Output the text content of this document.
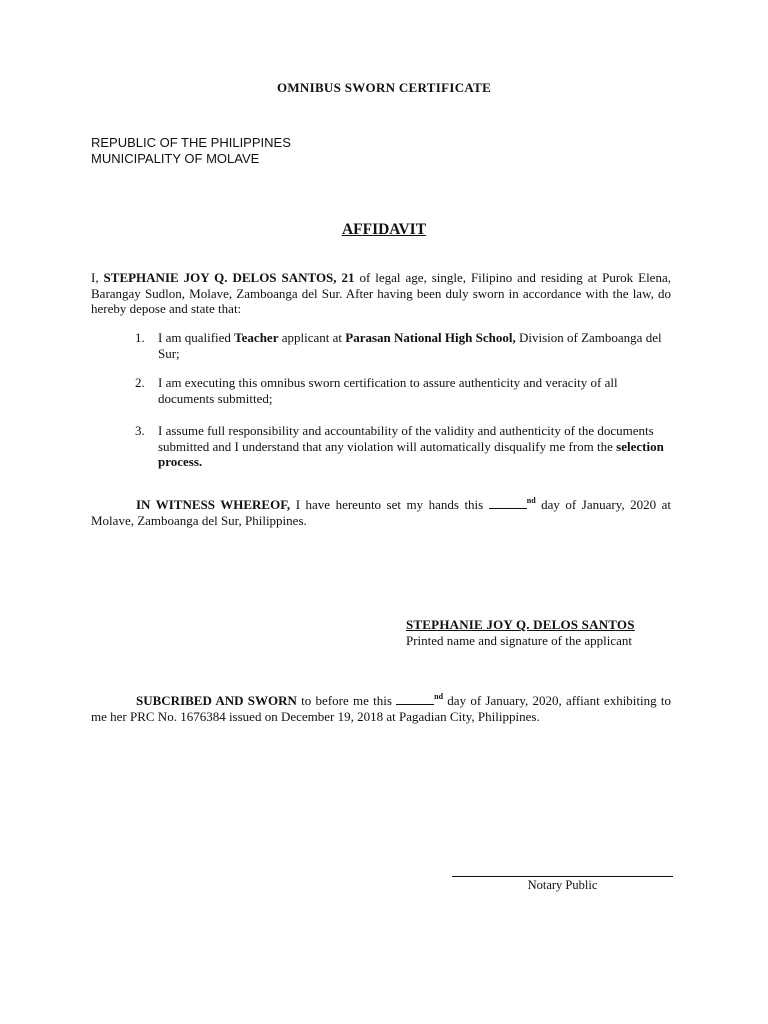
OMNIBUS SWORN CERTIFICATE
REPUBLIC OF THE PHILIPPINES
MUNICIPALITY OF MOLAVE
AFFIDAVIT
I, STEPHANIE JOY Q. DELOS SANTOS, 21 of legal age, single, Filipino and residing at Purok Elena, Barangay Sudlon, Molave, Zamboanga del Sur. After having been duly sworn in accordance with the law, do hereby depose and state that:
1. I am qualified Teacher applicant at Parasan National High School, Division of Zamboanga del Sur;
2. I am executing this omnibus sworn certification to assure authenticity and veracity of all documents submitted;
3. I assume full responsibility and accountability of the validity and authenticity of the documents submitted and I understand that any violation will automatically disqualify me from the selection process.
IN WITNESS WHEREOF, I have hereunto set my hands this	$^{nd}$ day of January, 2020 at Molave, Zamboanga del Sur, Philippines.
STEPHANIE JOY Q. DELOS SANTOS
Printed name and signature of the applicant
SUBCRIBED AND SWORN to before me this	$^{nd}$ day of January, 2020, affiant exhibiting to me her PRC No. 1676384 issued on December 19, 2018 at Pagadian City, Philippines.
Notary Public
